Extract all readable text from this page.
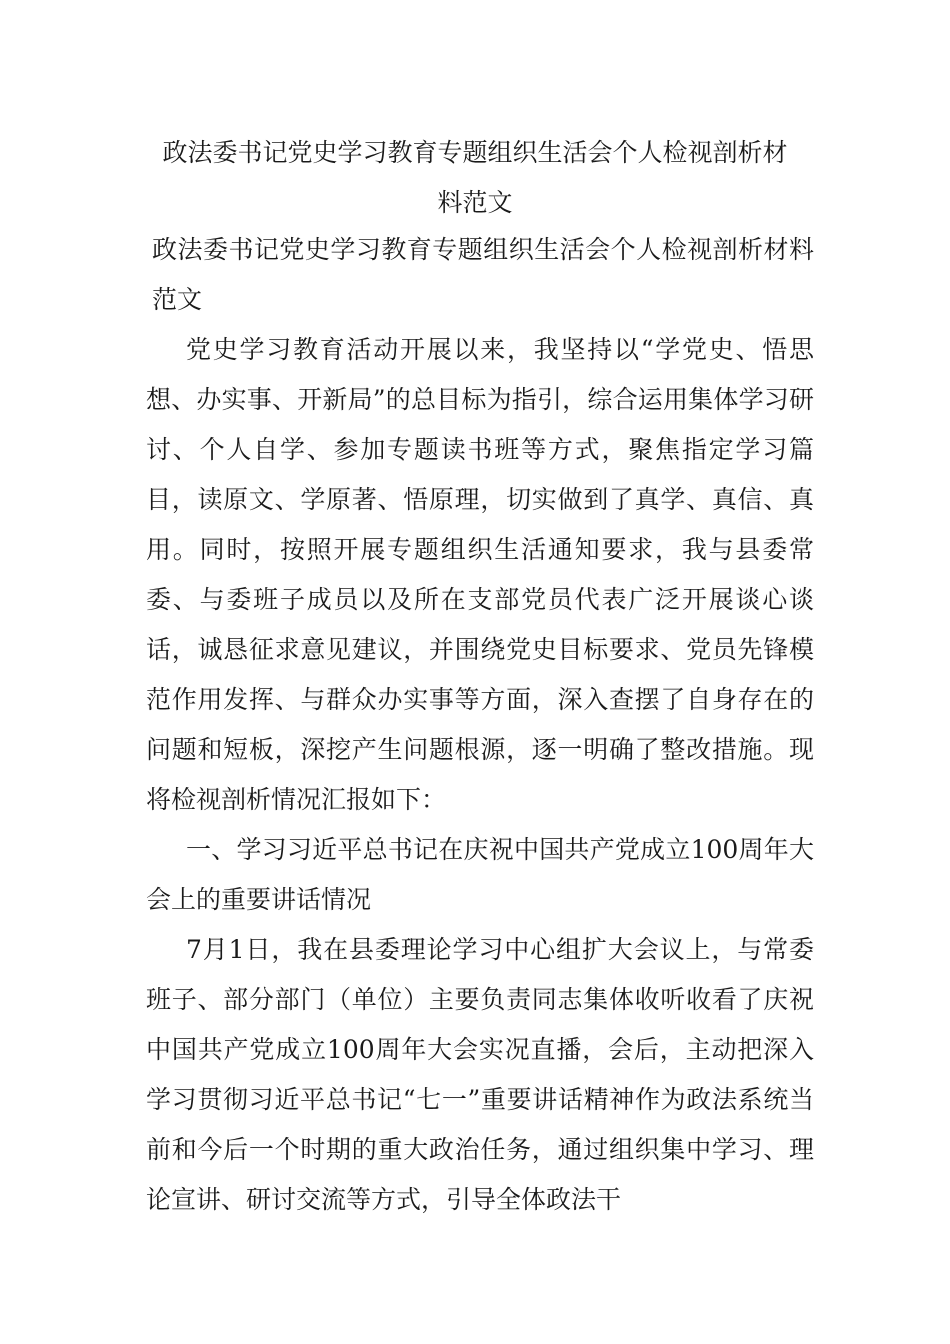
政法委书记党史学习教育专题组织生活会个人检视剖析材
料范文

政法委书记党史学习教育专题组织生活会个人检视剖析材料范文

党史学习教育活动开展以来，我坚持以“学党史、悟思想、办实事、开新局”的总目标为指引，综合运用集体学习研讨、个人自学、参加专题读书班等方式，聚焦指定学习篇目，读原文、学原著、悟原理，切实做到了真学、真信、真用。同时，按照开展专题组织生活通知要求，我与县委常委、与委班子成员以及所在支部党员代表广泛开展谈心谈话，诚恳征求意见建议，并围绕党史目标要求、党员先锋模范作用发挥、与群众办实事等方面，深入查摆了自身存在的问题和短板，深挖产生问题根源，逐一明确了整改措施。现将检视剖析情况汇报如下：

一、学习习近平总书记在庆祝中国共产党成立100周年大会上的重要讲话情况

7月1日，我在县委理论学习中心组扩大会议上，与常委班子、部分部门（单位）主要负责同志集体收听收看了庆祝中国共产党成立100周年大会实况直播，会后，主动把深入学习贯彻习近平总书记“七一”重要讲话精神作为政法系统当前和今后一个时期的重大政治任务，通过组织集中学习、理论宣讲、研讨交流等方式，引导全体政法干
